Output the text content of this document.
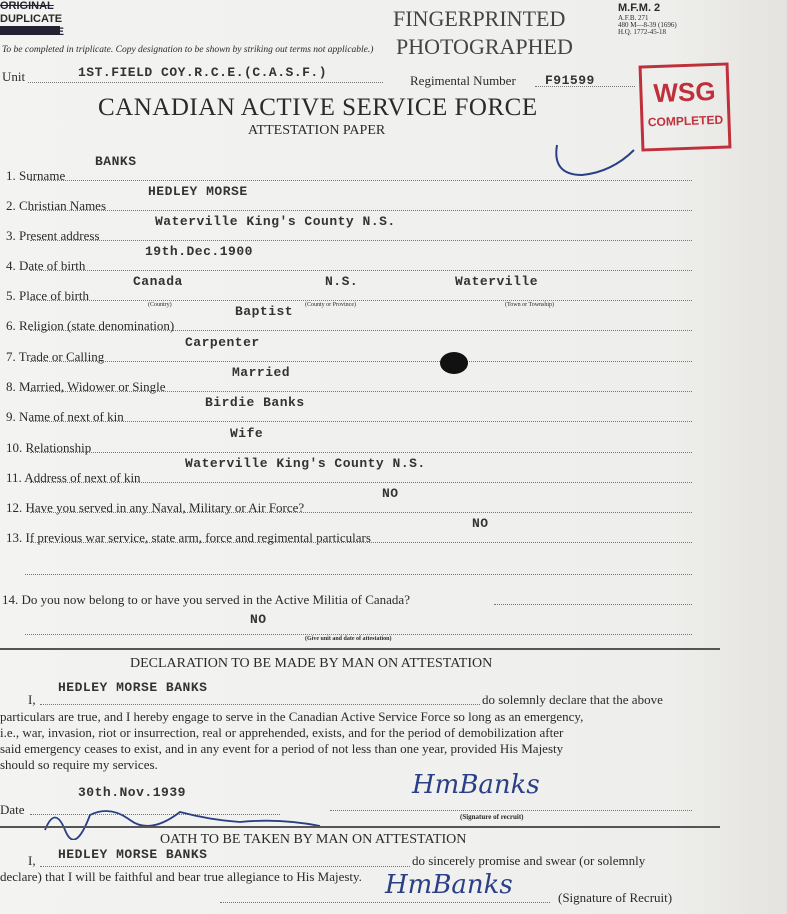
ORIGINAL
DUPLICATE
TRIPLICATE
To be completed in triplicate. Copy designation to be shown by striking out terms not applicable.)
FINGERPRINTED
PHOTOGRAPHED
M.F.M. 2
A.F.B. 271
480 M—8-39 (1696)
H.Q. 1772-45-18
WSG
COMPLETED
Unit	1ST.FIELD COY.R.C.E.(C.A.S.F.)
Regimental Number F91599
CANADIAN ACTIVE SERVICE FORCE
ATTESTATION PAPER
1. Surname
BANKS
2. Christian Names
HEDLEY MORSE
3. Present address
Waterville King's County N.S.
4. Date of birth
19th.Dec.1900
5. Place of birth
Canada	N.S.	Waterville
(Country)	(County or Province)	(Town or Township)
6. Religion (state denomination)
Baptist
7. Trade or Calling
Carpenter
8. Married, Widower or Single
Married
9. Name of next of kin
Birdie Banks
10. Relationship
Wife
11. Address of next of kin
Waterville King's County N.S.
12. Have you served in any Naval, Military or Air Force?
NO
13. If previous war service, state arm, force and regimental particulars
NO
14. Do you now belong to or have you served in the Active Militia of Canada?
NO
(Give unit and date of attestation)
DECLARATION TO BE MADE BY MAN ON ATTESTATION
I,
HEDLEY MORSE BANKS
do solemnly declare that the above
particulars are true, and I hereby engage to serve in the Canadian Active Service Force so long as an emergency,
i.e., war, invasion, riot or insurrection, real or apprehended, exists, and for the period of demobilization after
said emergency ceases to exist, and in any event for a period of not less than one year, provided His Majesty
should so require my services.
30th.Nov.1939
Date
HmBanks
(Signature of recruit)
OATH TO BE TAKEN BY MAN ON ATTESTATION
I, HEDLEY MORSE BANKS	do sincerely promise and swear (or solemnly
declare) that I will be faithful and bear true allegiance to His Majesty. HmBanks	(Signature of Recruit)
